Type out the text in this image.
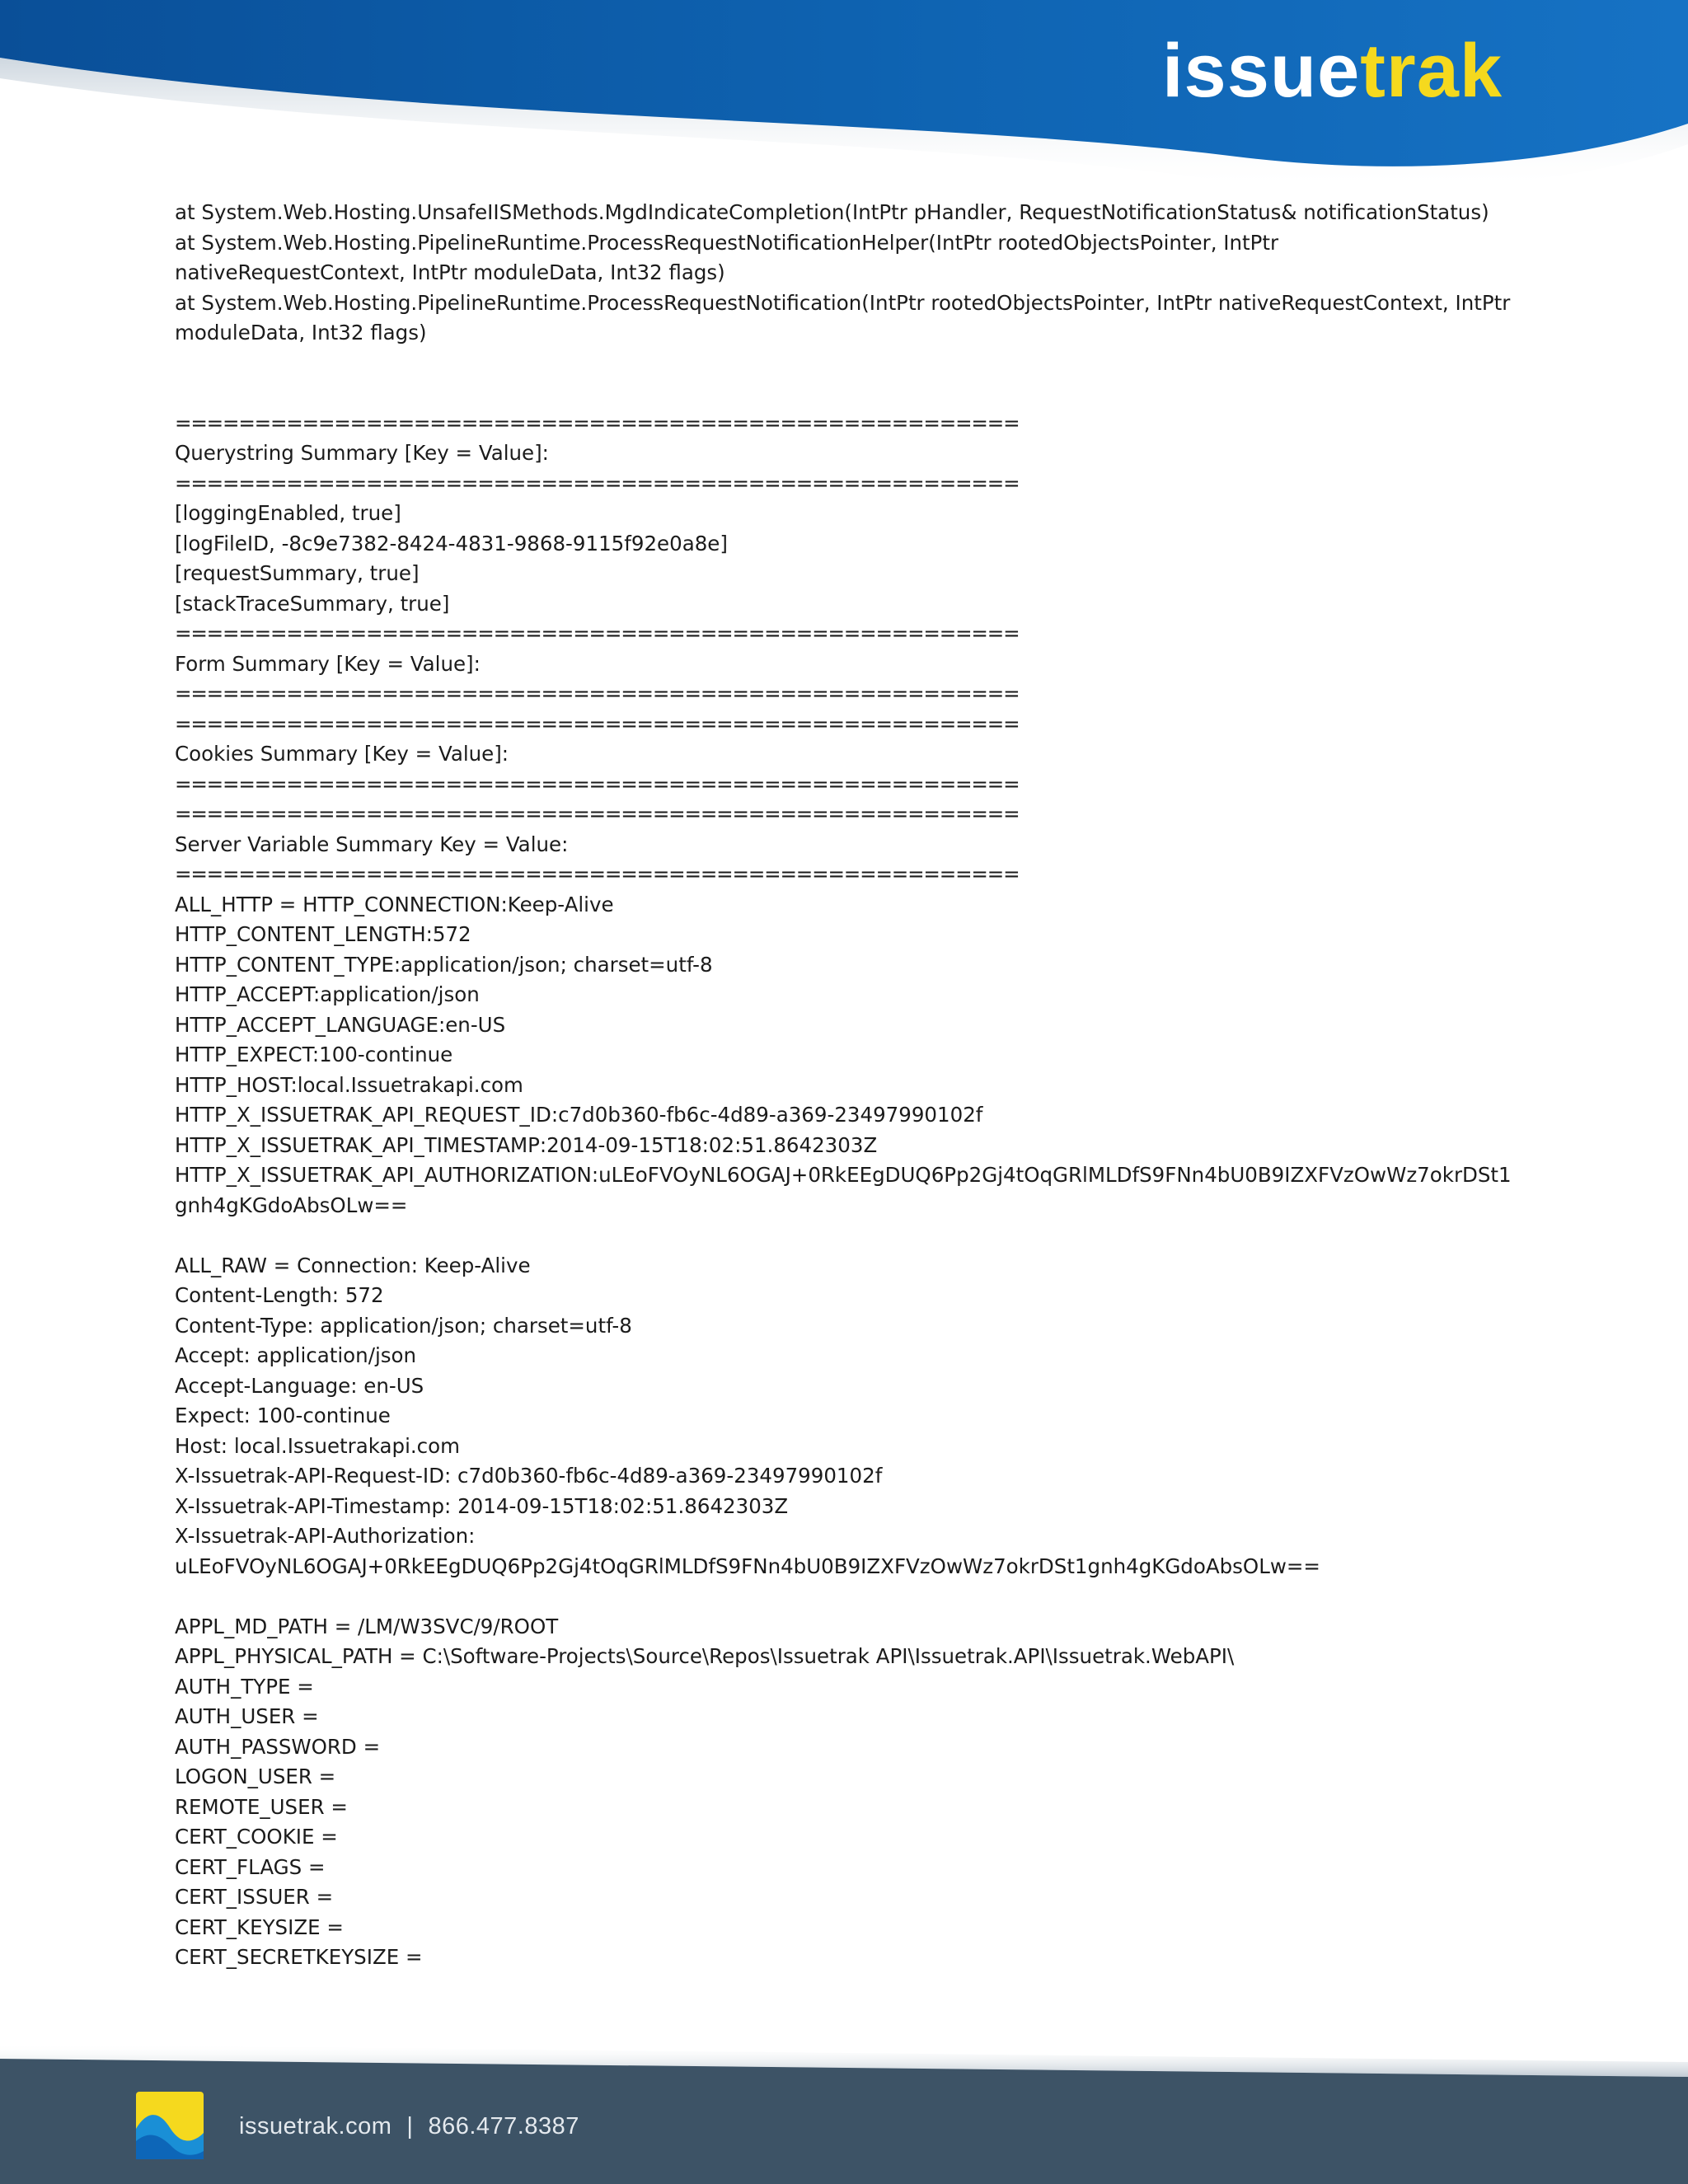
issuetrak
at System.Web.Hosting.UnsafeIISMethods.MgdIndicateCompletion(IntPtr pHandler, RequestNotificationStatus& notificationStatus)
at System.Web.Hosting.PipelineRuntime.ProcessRequestNotificationHelper(IntPtr rootedObjectsPointer, IntPtr
nativeRequestContext, IntPtr moduleData, Int32 flags)
at System.Web.Hosting.PipelineRuntime.ProcessRequestNotification(IntPtr rootedObjectsPointer, IntPtr nativeRequestContext, IntPtr
moduleData, Int32 flags)
=====================================================
Querystring Summary [Key = Value]:
=====================================================
[loggingEnabled, true]
[logFileID, -8c9e7382-8424-4831-9868-9115f92e0a8e]
[requestSummary, true]
[stackTraceSummary, true]
=====================================================
Form Summary [Key = Value]:
=====================================================
=====================================================
Cookies Summary [Key = Value]:
=====================================================
=====================================================
Server Variable Summary Key = Value:
=====================================================
ALL_HTTP = HTTP_CONNECTION:Keep-Alive
HTTP_CONTENT_LENGTH:572
HTTP_CONTENT_TYPE:application/json; charset=utf-8
HTTP_ACCEPT:application/json
HTTP_ACCEPT_LANGUAGE:en-US
HTTP_EXPECT:100-continue
HTTP_HOST:local.Issuetrakapi.com
HTTP_X_ISSUETRAK_API_REQUEST_ID:c7d0b360-fb6c-4d89-a369-23497990102f
HTTP_X_ISSUETRAK_API_TIMESTAMP:2014-09-15T18:02:51.8642303Z
HTTP_X_ISSUETRAK_API_AUTHORIZATION:uLEoFVOyNL6OGAJ+0RkEEgDUQ6Pp2Gj4tOqGRlMLDfS9FNn4bU0B9IZXFVzOwWz7okrDSt1
gnh4gKGdoAbsOLw==
ALL_RAW = Connection: Keep-Alive
Content-Length: 572
Content-Type: application/json; charset=utf-8
Accept: application/json
Accept-Language: en-US
Expect: 100-continue
Host: local.Issuetrakapi.com
X-Issuetrak-API-Request-ID: c7d0b360-fb6c-4d89-a369-23497990102f
X-Issuetrak-API-Timestamp: 2014-09-15T18:02:51.8642303Z
X-Issuetrak-API-Authorization:
uLEoFVOyNL6OGAJ+0RkEEgDUQ6Pp2Gj4tOqGRlMLDfS9FNn4bU0B9IZXFVzOwWz7okrDSt1gnh4gKGdoAbsOLw==
APPL_MD_PATH = /LM/W3SVC/9/ROOT
APPL_PHYSICAL_PATH = C:\Software-Projects\Source\Repos\Issuetrak API\Issuetrak.API\Issuetrak.WebAPI\
AUTH_TYPE =
AUTH_USER =
AUTH_PASSWORD =
LOGON_USER =
REMOTE_USER =
CERT_COOKIE =
CERT_FLAGS =
CERT_ISSUER =
CERT_KEYSIZE =
CERT_SECRETKEYSIZE =
issuetrak.com | 866.477.8387
